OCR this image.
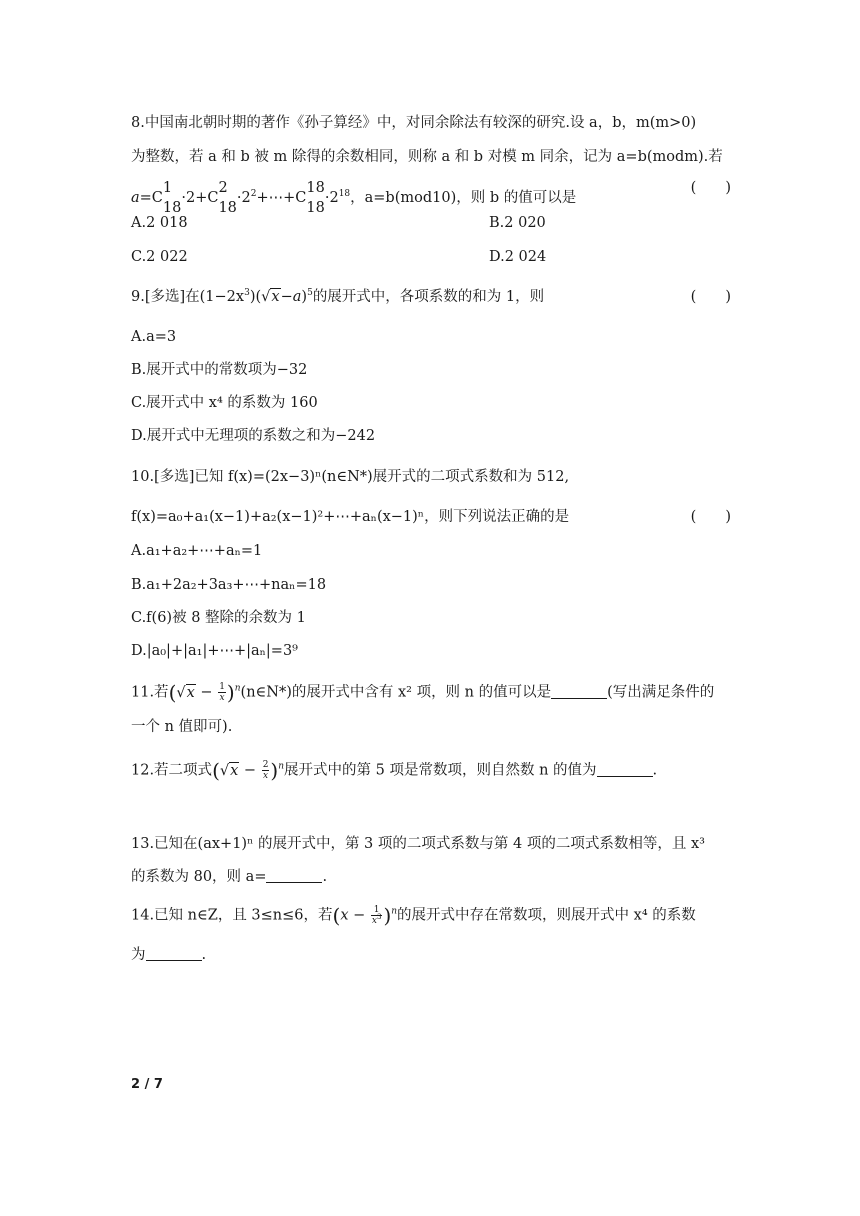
8.中国南北朝时期的著作《孙子算经》中，对同余除法有较深的研究.设 a，b，m(m>0)
为整数，若 a 和 b 被 m 除得的余数相同，则称 a 和 b 对模 m 同余，记为 a=b(modm).若
a=C
1
18
·2+C
2
18
$\cdot 2^2+\cdots+C$
18
18
$\cdot 2^{18}$，a=b(mod10)，则 b 的值可以是
(　　)
A.2 018	B.2 020
C.2 022	D.2 024
9.[多选]在$(1-2x^3)(√x-a)^5$的展开式中，各项系数的和为 1，则	(　　)
A.a=3
B.展开式中的常数项为−32
C.展开式中 x⁴ 的系数为 160
D.展开式中无理项的系数之和为−242
10.[多选]已知 f(x)=(2x−3)ⁿ(n∈N*)展开式的二项式系数和为 512,
f(x)=a₀+a₁(x−1)+a₂(x−1)²+⋯+aₙ(x−1)ⁿ，则下列说法正确的是	(　　)
A.a₁+a₂+⋯+aₙ=1
B.a₁+2a₂+3a₃+⋯+naₙ=18
C.f(6)被 8 整除的余数为 1
D.|a₀|+|a₁|+⋯+|aₙ|=3⁹
11.若($√x - \frac{1}{x}$ )$^n(n\in N*)$的展开式中含有 x² 项，则 n 的值可以是	(写出满足条件的
一个 n 值即可).
12.若二项式$(√x - \frac{2}{x} )^n$展开式中的第 5 项是常数项，则自然数 n 的值为	.
13.已知在(ax+1)ⁿ 的展开式中，第 3 项的二项式系数与第 4 项的二项式系数相等，且 x³
的系数为 80，则 a=	.
14.已知 n∈Z，且 3≤n≤6，若$(x - \frac{1}{x^3} )^n$的展开式中存在常数项，则展开式中 x⁴ 的系数
为	.
2 / 7
